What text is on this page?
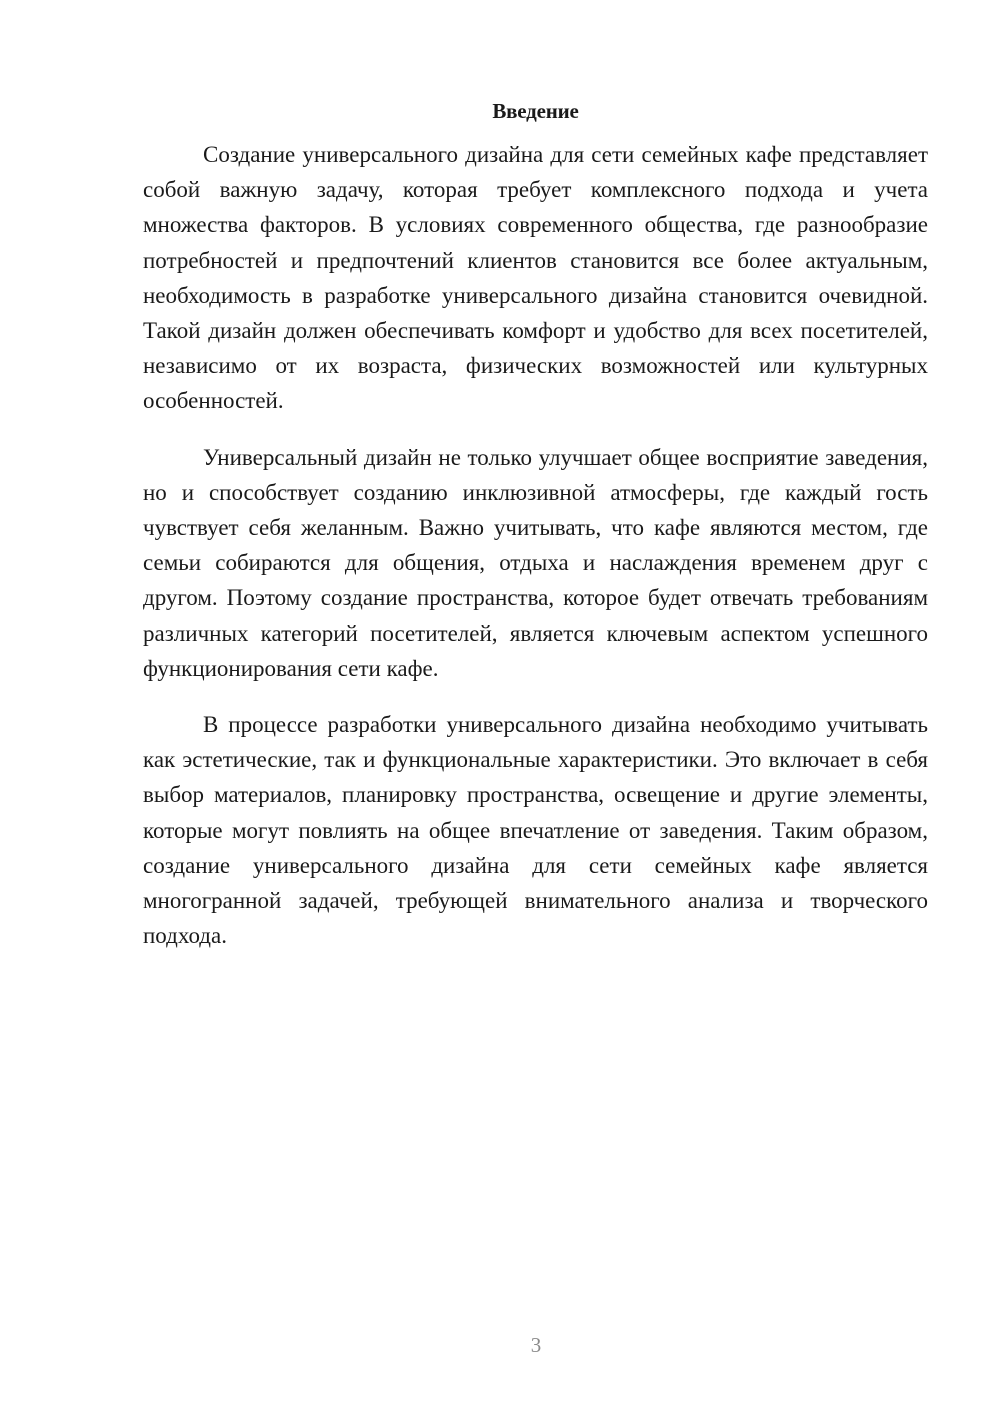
Введение

Создание универсального дизайна для сети семейных кафе представляет собой важную задачу, которая требует комплексного подхода и учета множества факторов. В условиях современного общества, где разнообразие потребностей и предпочтений клиентов становится все более актуальным, необходимость в разработке универсального дизайна становится очевидной. Такой дизайн должен обеспечивать комфорт и удобство для всех посетителей, независимо от их возраста, физических возможностей или культурных особенностей.

Универсальный дизайн не только улучшает общее восприятие заведения, но и способствует созданию инклюзивной атмосферы, где каждый гость чувствует себя желанным. Важно учитывать, что кафе являются местом, где семьи собираются для общения, отдыха и наслаждения временем друг с другом. Поэтому создание пространства, которое будет отвечать требованиям различных категорий посетителей, является ключевым аспектом успешного функционирования сети кафе.

В процессе разработки универсального дизайна необходимо учитывать как эстетические, так и функциональные характеристики. Это включает в себя выбор материалов, планировку пространства, освещение и другие элементы, которые могут повлиять на общее впечатление от заведения. Таким образом, создание универсального дизайна для сети семейных кафе является многогранной задачей, требующей внимательного анализа и творческого подхода.

3
